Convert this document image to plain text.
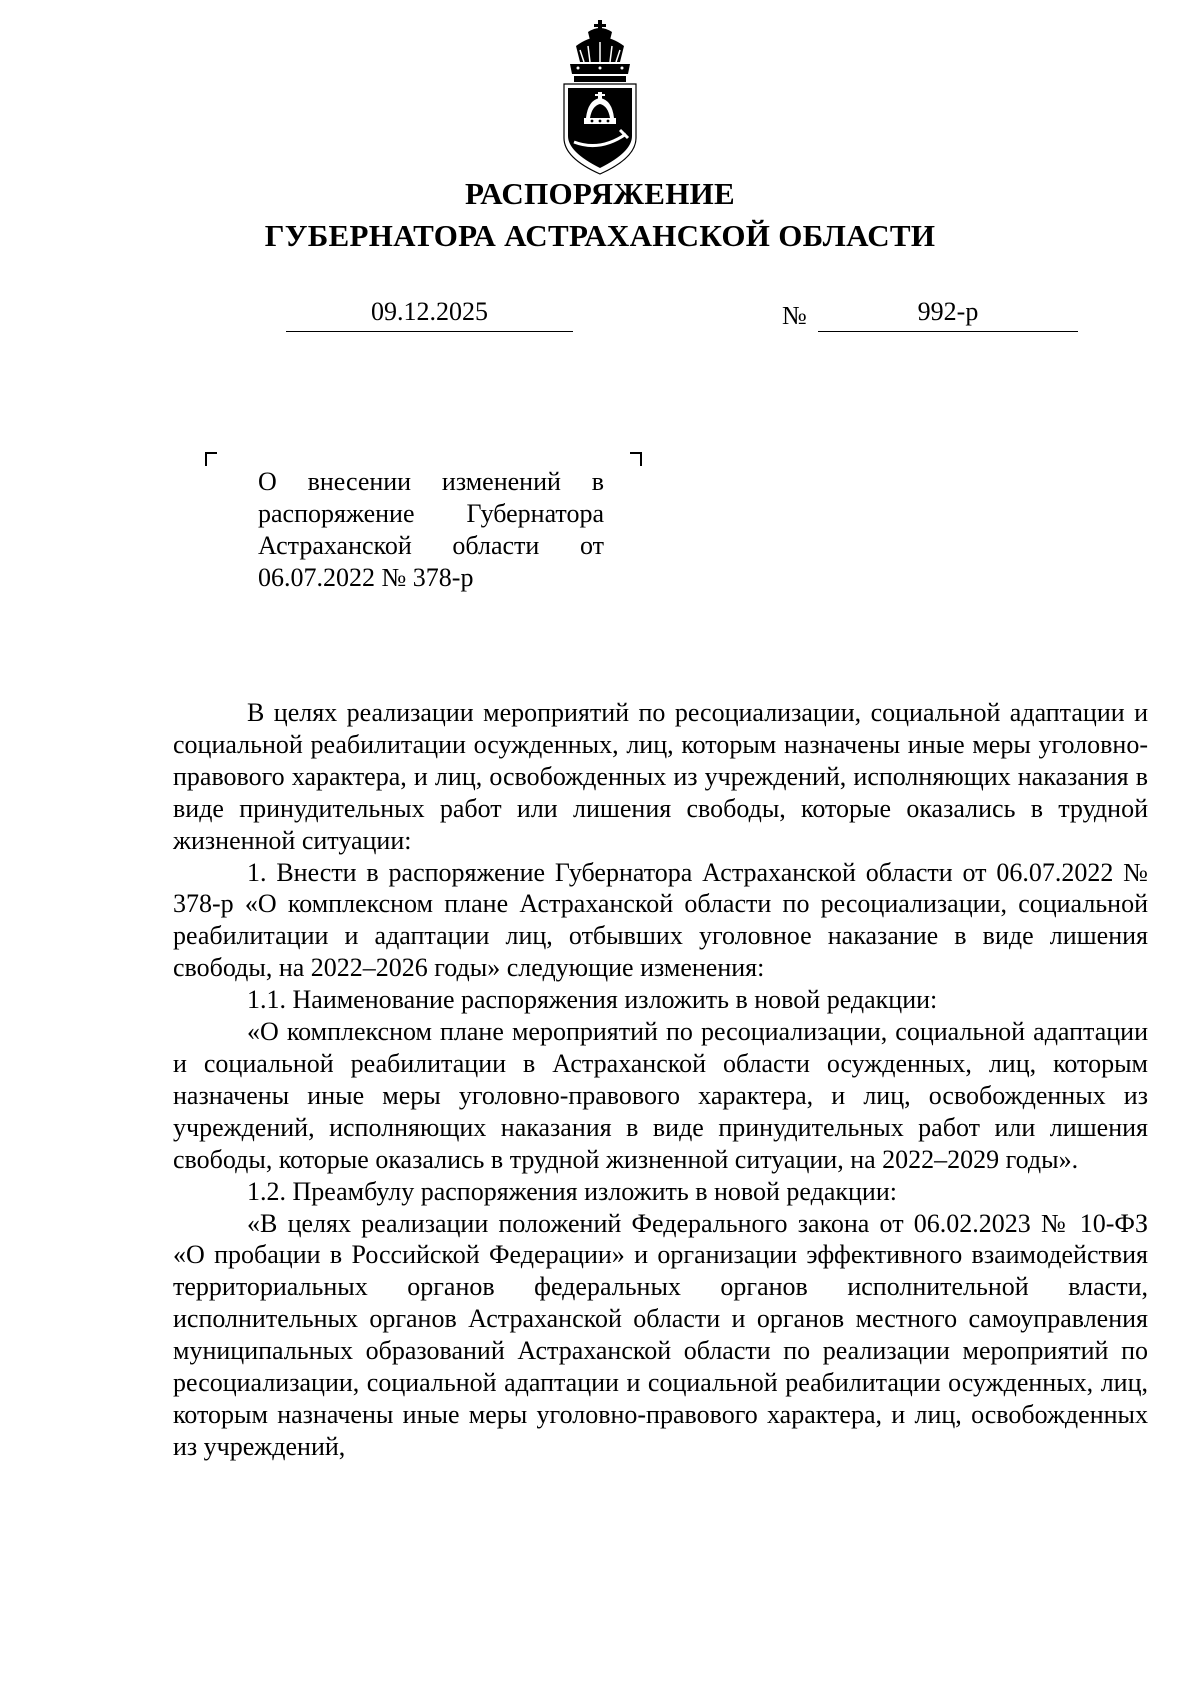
РАСПОРЯЖЕНИЕ
ГУБЕРНАТОРА АСТРАХАНСКОЙ ОБЛАСТИ
09.12.2025	№	992-р
О внесении изменений в распоряжение Губернатора Астраханской области от 06.07.2022 № 378-р

В целях реализации мероприятий по ресоциализации, социальной адаптации и социальной реабилитации осужденных, лиц, которым назначены иные меры уголовно-правового характера, и лиц, освобожденных из учреждений, исполняющих наказания в виде принудительных работ или лишения свободы, которые оказались в трудной жизненной ситуации:

1. Внести в распоряжение Губернатора Астраханской области от 06.07.2022 № 378-р «О комплексном плане Астраханской области по ресоциализации, социальной реабилитации и адаптации лиц, отбывших уголовное наказание в виде лишения свободы, на 2022–2026 годы» следующие изменения:

1.1. Наименование распоряжения изложить в новой редакции:

«О комплексном плане мероприятий по ресоциализации, социальной адаптации и социальной реабилитации в Астраханской области осужденных, лиц, которым назначены иные меры уголовно-правового характера, и лиц, освобожденных из учреждений, исполняющих наказания в виде принудительных работ или лишения свободы, которые оказались в трудной жизненной ситуации, на 2022–2029 годы».

1.2. Преамбулу распоряжения изложить в новой редакции:

«В целях реализации положений Федерального закона от 06.02.2023 № 10-ФЗ «О пробации в Российской Федерации» и организации эффективного взаимодействия территориальных органов федеральных органов исполнительной власти, исполнительных органов Астраханской области и органов местного самоуправления муниципальных образований Астраханской области по реализации мероприятий по ресоциализации, социальной адаптации и социальной реабилитации осужденных, лиц, которым назначены иные меры уголовно-правового характера, и лиц, освобожденных из учреждений,
